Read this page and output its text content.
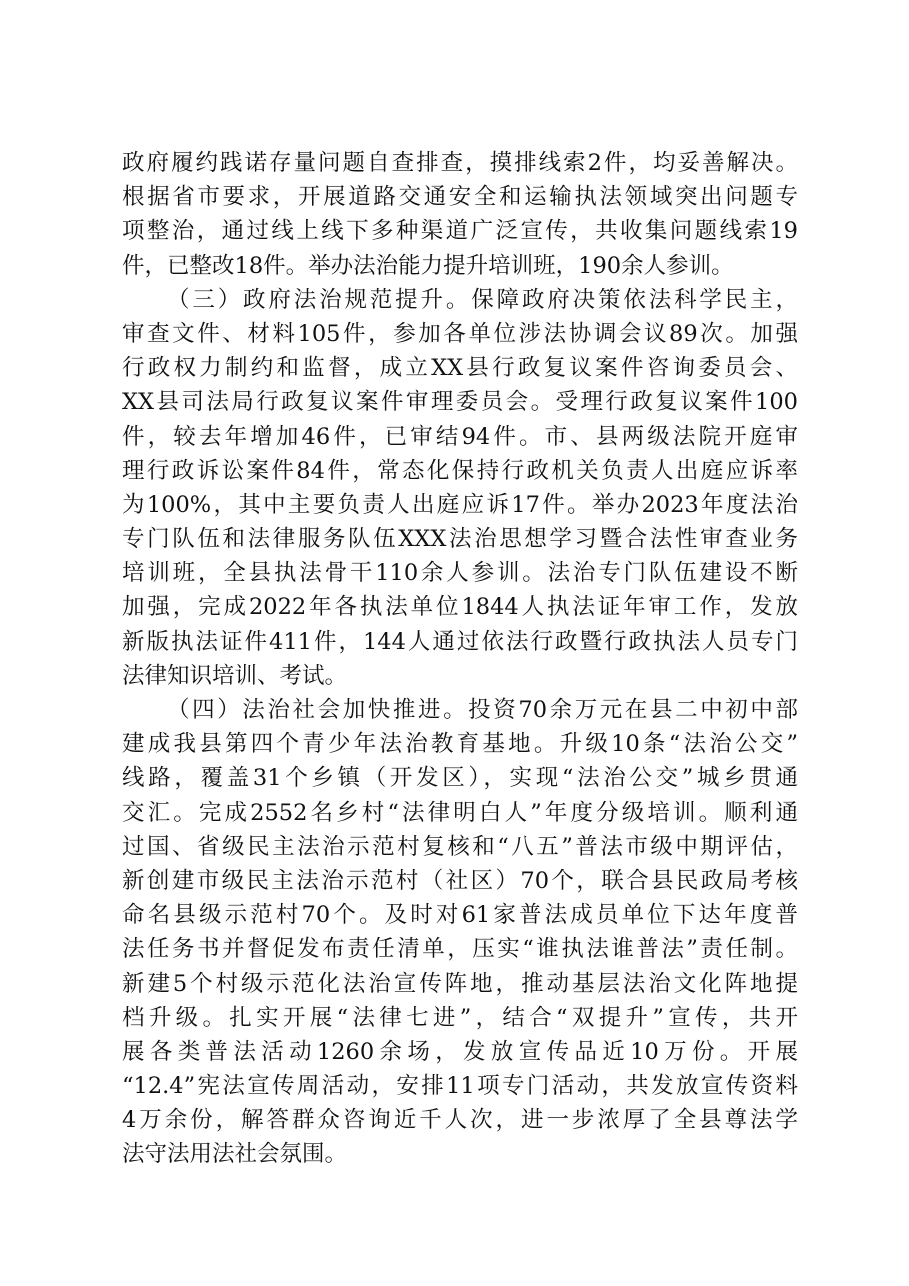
政府履约践诺存量问题自查排查，摸排线索2件，均妥善解决。
根据省市要求，开展道路交通安全和运输执法领域突出问题专
项整治，通过线上线下多种渠道广泛宣传，共收集问题线索19
件，已整改18件。举办法治能力提升培训班，190余人参训。
（三）政府法治规范提升。保障政府决策依法科学民主，
审查文件、材料105件，参加各单位涉法协调会议89次。加强
行政权力制约和监督，成立XX县行政复议案件咨询委员会、
XX县司法局行政复议案件审理委员会。受理行政复议案件100
件，较去年增加46件，已审结94件。市、县两级法院开庭审
理行政诉讼案件84件，常态化保持行政机关负责人出庭应诉率
为100%，其中主要负责人出庭应诉17件。举办2023年度法治
专门队伍和法律服务队伍XXX法治思想学习暨合法性审查业务
培训班，全县执法骨干110余人参训。法治专门队伍建设不断
加强，完成2022年各执法单位1844人执法证年审工作，发放
新版执法证件411件，144人通过依法行政暨行政执法人员专门
法律知识培训、考试。
（四）法治社会加快推进。投资70余万元在县二中初中部
建成我县第四个青少年法治教育基地。升级10条“法治公交”
线路，覆盖31个乡镇（开发区），实现“法治公交”城乡贯通
交汇。完成2552名乡村“法律明白人”年度分级培训。顺利通
过国、省级民主法治示范村复核和“八五”普法市级中期评估，
新创建市级民主法治示范村（社区）70个，联合县民政局考核
命名县级示范村70个。及时对61家普法成员单位下达年度普
法任务书并督促发布责任清单，压实“谁执法谁普法”责任制。
新建5个村级示范化法治宣传阵地，推动基层法治文化阵地提
档升级。扎实开展“法律七进”，结合“双提升”宣传，共开
展各类普法活动1260余场，发放宣传品近10万份。开展
“12.4”宪法宣传周活动，安排11项专门活动，共发放宣传资料
4万余份，解答群众咨询近千人次，进一步浓厚了全县尊法学
法守法用法社会氛围。
